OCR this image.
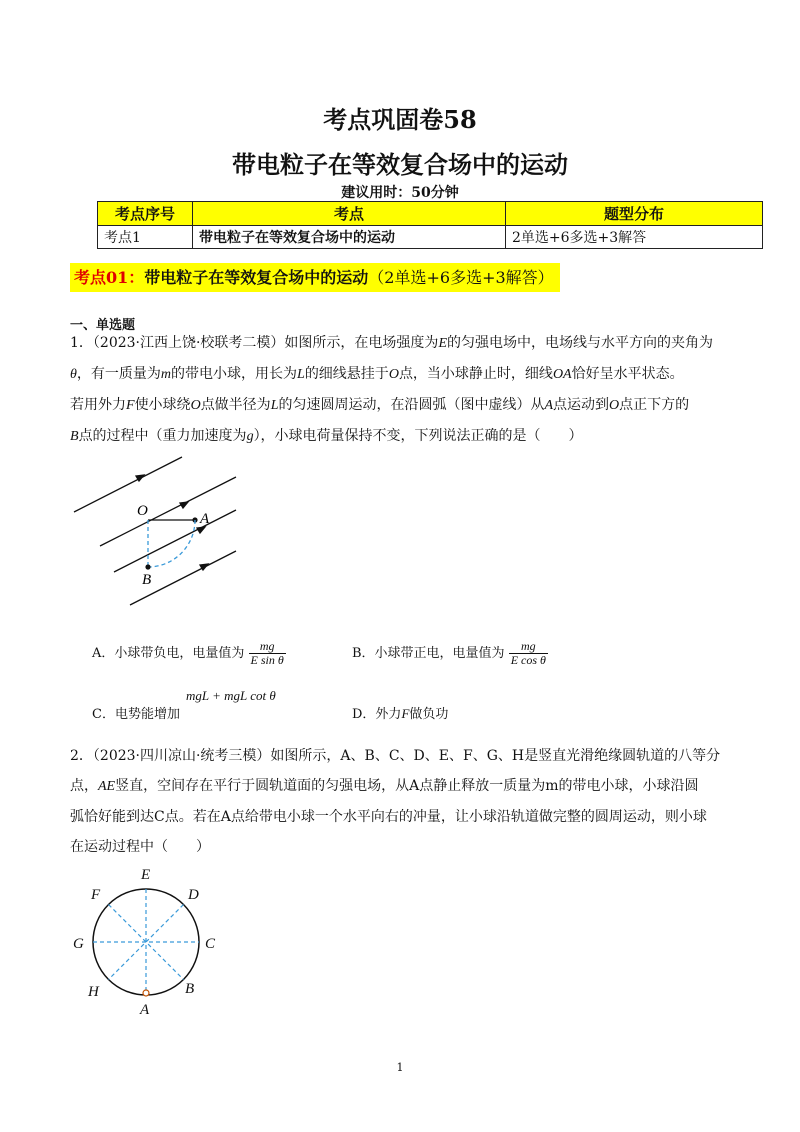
考点巩固卷58
带电粒子在等效复合场中的运动
建议用时：50分钟
考点序号	考点	题型分布
考点1	带电粒子在等效复合场中的运动	2单选+6多选+3解答
考点01：带电粒子在等效复合场中的运动（2单选+6多选+3解答）
一、单选题
1．（2023·江西上饶·校联考二模）如图所示，在电场强度为E的匀强电场中，电场线与水平方向的夹角为
θ，有一质量为m的带电小球，用长为L的细线悬挂于O点，当小球静止时，细线OA恰好呈水平状态。
若用外力F使小球绕O点做半径为L的匀速圆周运动，在沿圆弧（图中虚线）从A点运动到O点正下方的
B点的过程中（重力加速度为g），小球电荷量保持不变，下列说法正确的是（　　）
O	A
B
A．小球带负电，电量值为 $\frac{mg}{\text{E sin θ}}$	B．小球带正电，电量值为 $\frac{mg}{\text{E cos θ}}$
C．电势能增加
mgL + mgL cot θ
D．外力F做负功
2．（2023·四川凉山·统考三模）如图所示，A、B、C、D、E、F、G、H是竖直光滑绝缘圆轨道的八等分
点，AE竖直，空间存在平行于圆轨道面的匀强电场，从A点静止释放一质量为m的带电小球，小球沿圆
弧恰好能到达C点。若在A点给带电小球一个水平向右的冲量，让小球沿轨道做完整的圆周运动，则小球
在运动过程中（　　）
E
D
C
B
A
H
G
F
1
